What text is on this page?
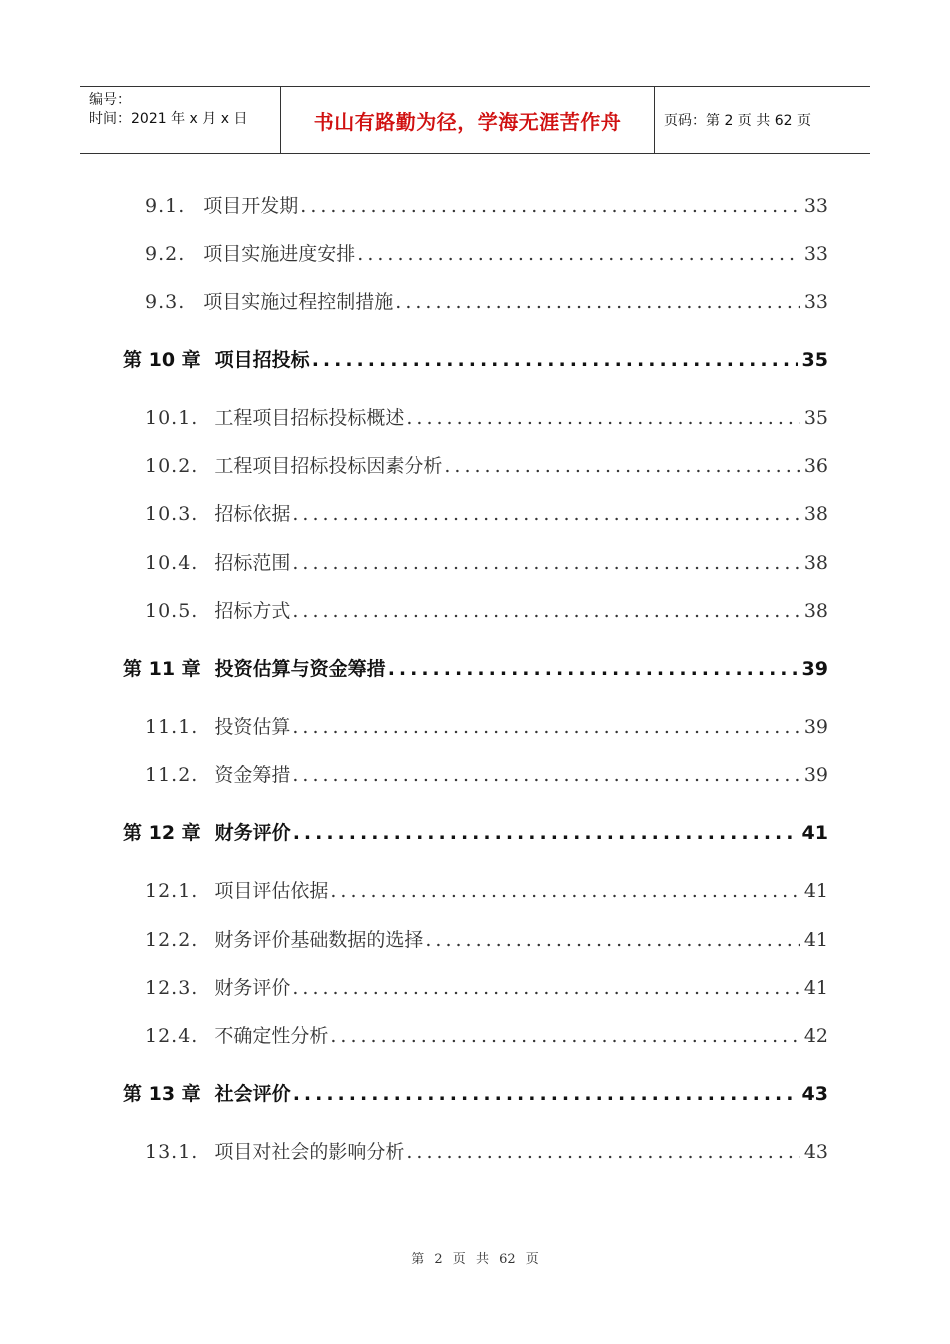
编号：
时间：2021 年 x 月 x 日	书山有路勤为径，学海无涯苦作舟	页码：第 2 页 共 62 页
9.1. 项目开发期 .....	33
9.2. 项目实施进度安排 .....	33
9.3. 项目实施过程控制措施 .....	33
第 10 章 项目招投标 .....	35
10.1. 工程项目招标投标概述 .....	35
10.2. 工程项目招标投标因素分析 .....	36
10.3. 招标依据 .....	38
10.4. 招标范围 .....	38
10.5. 招标方式 .....	38
第 11 章 投资估算与资金筹措 .....	39
11.1. 投资估算 .....	39
11.2. 资金筹措 .....	39
第 12 章 财务评价 .....	41
12.1. 项目评估依据 .....	41
12.2. 财务评价基础数据的选择 .....	41
12.3. 财务评价 .....	41
12.4. 不确定性分析 .....	42
第 13 章 社会评价 .....	43
13.1. 项目对社会的影响分析 .....	43
第 2 页 共 62 页
